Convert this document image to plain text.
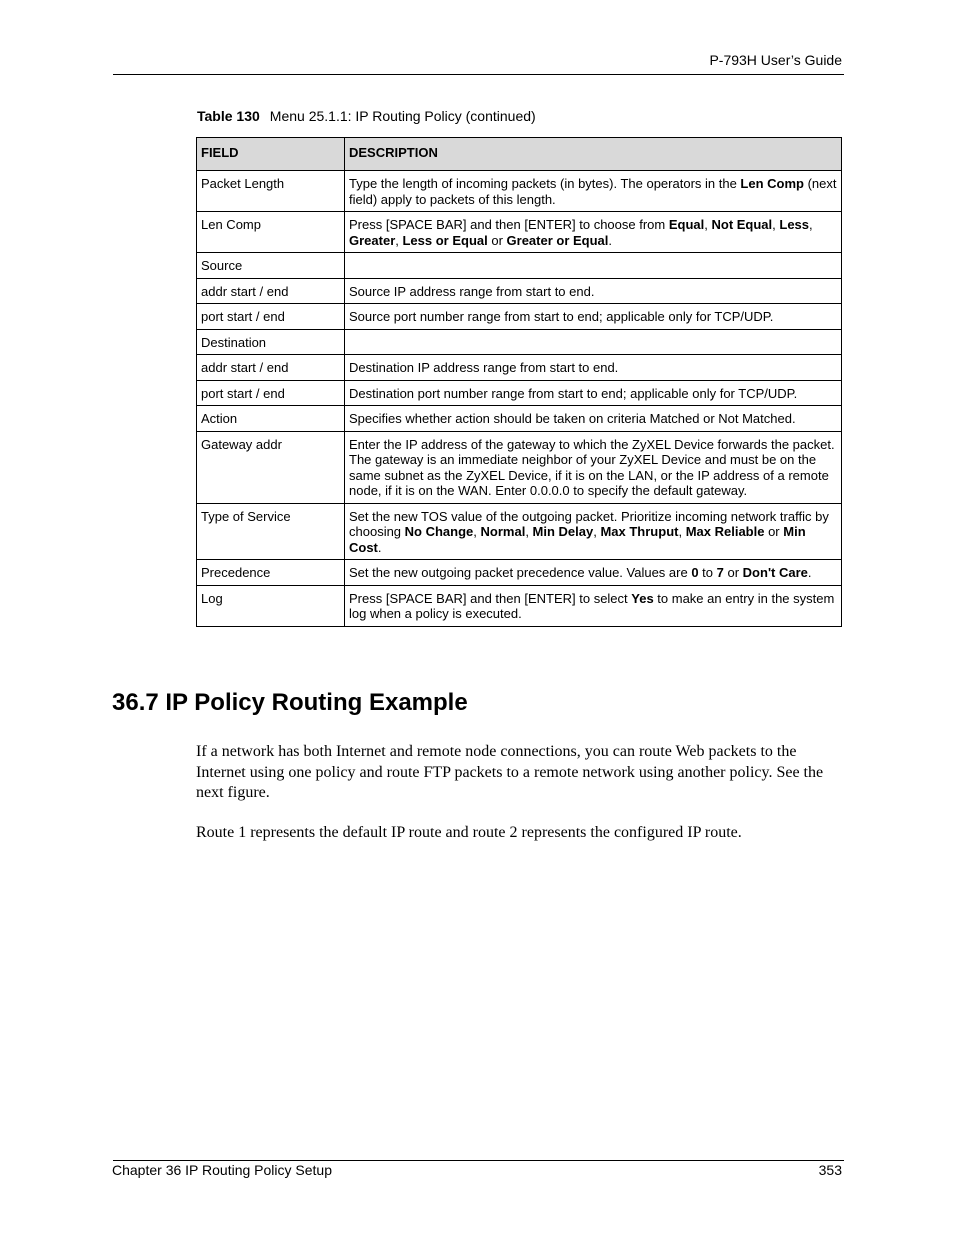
P-793H User’s Guide
Table 130 Menu 25.1.1: IP Routing Policy (continued)
FIELD	DESCRIPTION
Packet Length	Type the length of incoming packets (in bytes). The operators in the Len Comp (next field) apply to packets of this length.
Len Comp	Press [SPACE BAR] and then [ENTER] to choose from Equal, Not Equal, Less, Greater, Less or Equal or Greater or Equal.
Source	
addr start / end	Source IP address range from start to end.
port start / end	Source port number range from start to end; applicable only for TCP/UDP.
Destination	
addr start / end	Destination IP address range from start to end.
port start / end	Destination port number range from start to end; applicable only for TCP/UDP.
Action	Specifies whether action should be taken on criteria Matched or Not Matched.
Gateway addr	Enter the IP address of the gateway to which the ZyXEL Device forwards the packet. The gateway is an immediate neighbor of your ZyXEL Device and must be on the same subnet as the ZyXEL Device, if it is on the LAN, or the IP address of a remote node, if it is on the WAN. Enter 0.0.0.0 to specify the default gateway.
Type of Service	Set the new TOS value of the outgoing packet. Prioritize incoming network traffic by choosing No Change, Normal, Min Delay, Max Thruput, Max Reliable or Min Cost.
Precedence	Set the new outgoing packet precedence value. Values are 0 to 7 or Don't Care.
Log	Press [SPACE BAR] and then [ENTER] to select Yes to make an entry in the system log when a policy is executed.
36.7 IP Policy Routing Example
If a network has both Internet and remote node connections, you can route Web packets to the Internet using one policy and route FTP packets to a remote network using another policy. See the next figure.
Route 1 represents the default IP route and route 2 represents the configured IP route.
Chapter 36 IP Routing Policy Setup	353
